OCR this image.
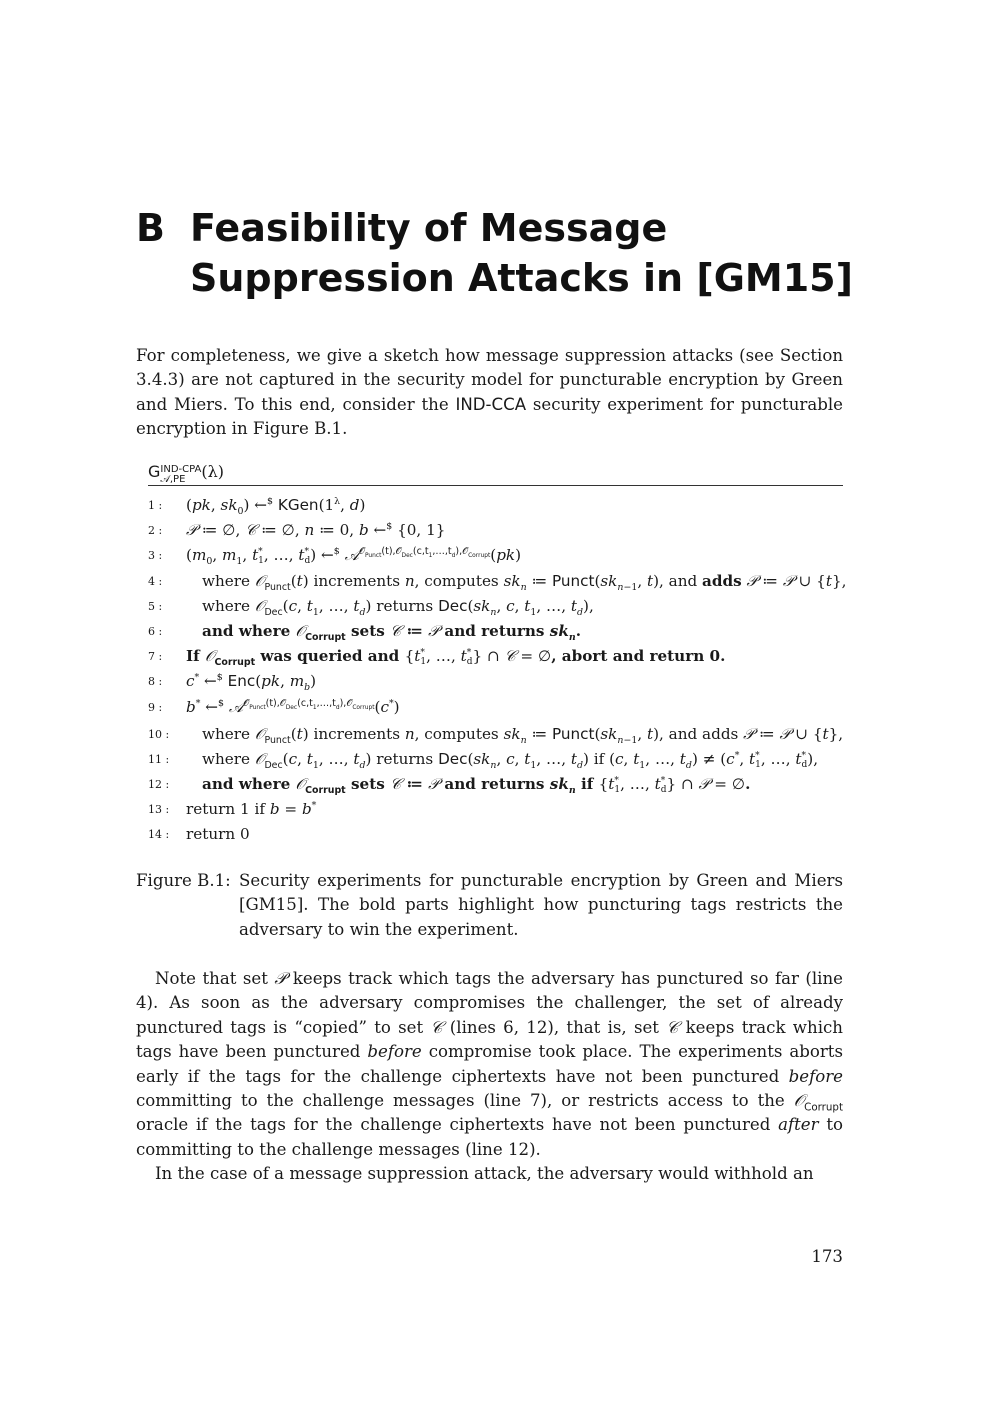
B Feasibility of Message Suppression Attacks in [GM15]

For completeness, we give a sketch how message suppression attacks (see Section 3.4.3) are not captured in the security model for puncturable encryption by Green and Miers. To this end, consider the IND-CCA security experiment for puncturable encryption in Figure B.1.

G IND-CPA
𝒜,PE (λ)
1 :	(pk, $sk_0$) ←$ $KGen(1^\lambda$, d)
2 :	𝒫 ≔ ∅, 𝒞 ≔ ∅, n ≔ 0, b ←$ {0, 1}
3 :	($m_0$, $m_1$, t *
1 , …, t *
d ) ←$ 𝒜$^{𝒪_{Punct}(t),𝒪_{Dec}(c,t_1,\dots,t_d),𝒪_{Corrupt}}$(pk)
4 :	where 𝒪$_{Punct}$(t) increments n, computes $sk_n$ ≔ $Punct(sk_{n-1}$, t), and adds 𝒫 ≔ 𝒫 ∪ {t},
5 :	where 𝒪$_{Dec}$(c, $t_1$, …, $t_d$) returns $Dec(sk_n$, c, $t_1$, …, $t_d$),
6 :	and where 𝒪$_{Corrupt}$ sets 𝒞 ≔ 𝒫 and returns $sk_n$.
7 :	If 𝒪$_{Corrupt}$ was queried and {t *
1 , …, t *
d } ∩ 𝒞 = ∅, abort and return 0.
8 :	c* ←$ Enc(pk, $m_b$)
9 :	b* ←$ 𝒜$^{𝒪_{Punct}(t),𝒪_{Dec}(c,t_1,\dots,t_d),𝒪_{Corrupt}}$(c*)
10 :	where 𝒪$_{Punct}$(t) increments n, computes $sk_n$ ≔ $Punct(sk_{n-1}$, t), and adds 𝒫 ≔ 𝒫 ∪ {t},
11 :	where 𝒪$_{Dec}$(c, $t_1$, …, $t_d$) returns $Dec(sk_n$, c, $t_1$, …, $t_d$) if (c, $t_1$, …, $t_d) \ne (c^*$, t *
1 , …, t *
d ),
12 :	and where 𝒪$_{Corrupt}$ sets 𝒞 ≔ 𝒫 and returns $sk_n$ if {t *
1 , …, t *
d } ∩ 𝒫 = ∅.
13 :	return 1 if b = b*
14 :	return 0
Figure B.1: Security experiments for puncturable encryption by Green and Miers [GM15]. The bold parts highlight how puncturing tags restricts the adversary to win the experiment.

Note that set 𝒫 keeps track which tags the adversary has punctured so far (line 4). As soon as the adversary compromises the challenger, the set of already punctured tags is “copied” to set 𝒞 (lines 6, 12), that is, set 𝒞 keeps track which tags have been punctured before compromise took place. The experiments aborts early if the tags for the challenge ciphertexts have not been punctured before committing to the challenge messages (line 7), or restricts access to the 𝒪$_{Corrupt}$ oracle if the tags for the challenge ciphertexts have not been punctured after to committing to the challenge messages (line 12).

In the case of a message suppression attack, the adversary would withhold an

173
